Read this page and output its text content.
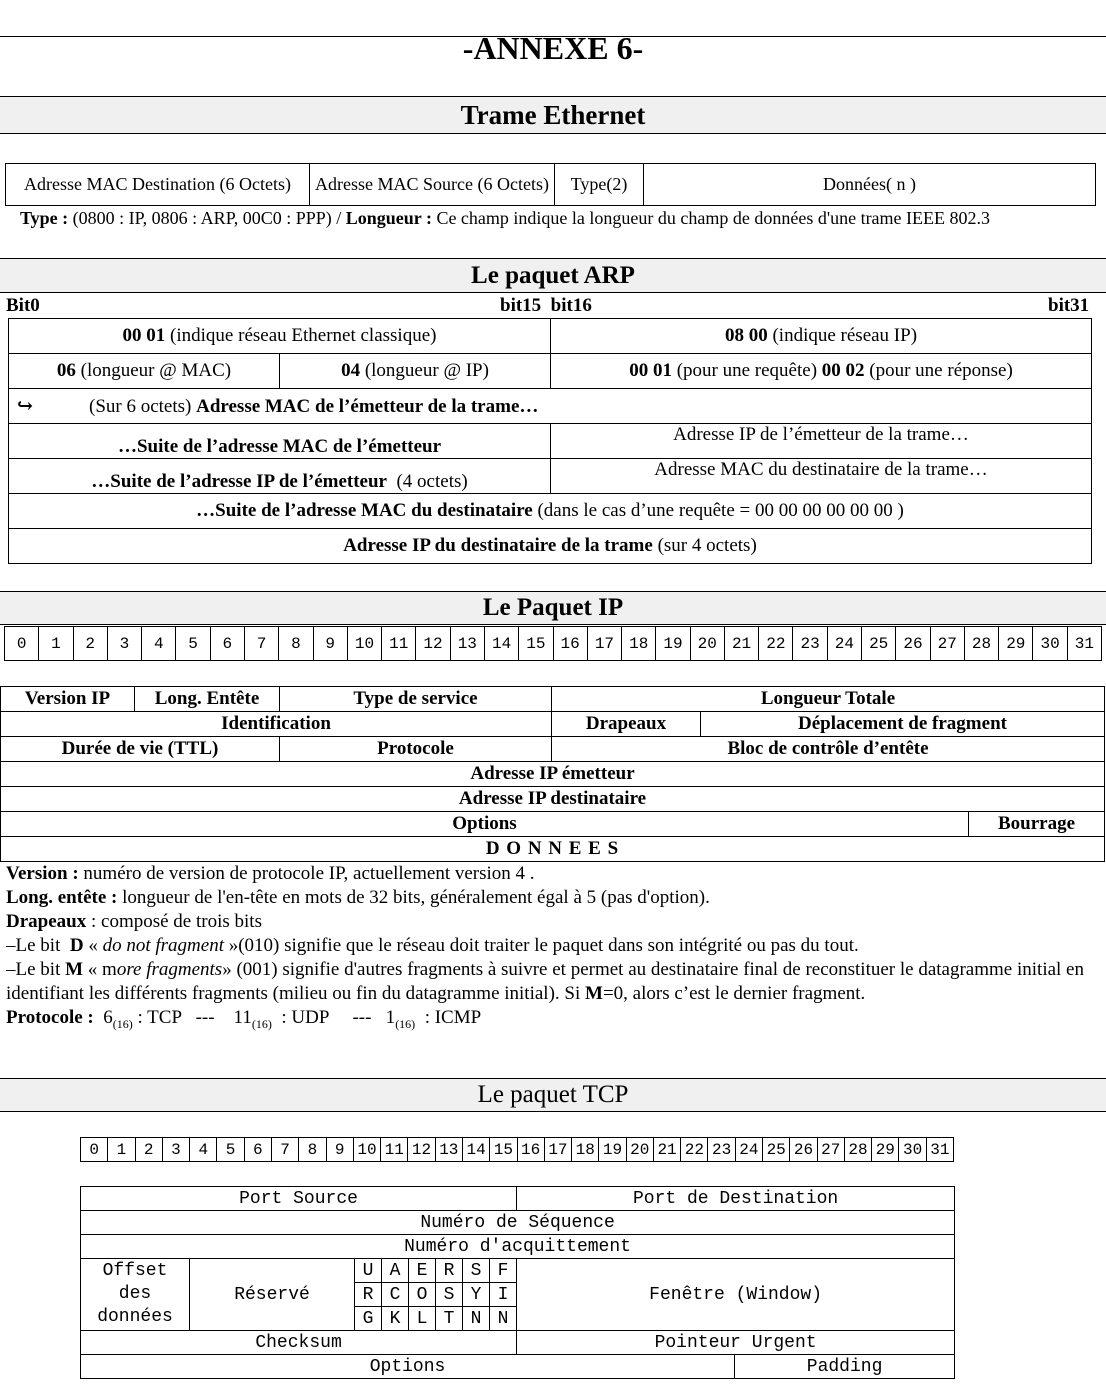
-ANNEXE 6-
Trame Ethernet
Adresse MAC Destination (6 Octets)	Adresse MAC Source (6 Octets)	Type(2)	Données( n )
Type : (0800 : IP, 0806 : ARP, 00C0 : PPP) / Longueur : Ce champ indique la longueur du champ de données d'une trame IEEE 802.3
Le paquet ARP
Bit0	bit15  bit16	bit31
00 01 (indique réseau Ethernet classique)		08 00 (indique réseau IP)
06 (longueur @ MAC)	04 (longueur @ IP)	00 01 (pour une requête) 00 02 (pour une réponse)
↪ (Sur 6 octets) Adresse MAC de l’émetteur de la trame…		
…Suite de l’adresse MAC de l’émetteur		Adresse IP de l’émetteur de la trame…
…Suite de l’adresse IP de l’émetteur  (4 octets)		Adresse MAC du destinataire de la trame…
…Suite de l’adresse MAC du destinataire (dans le cas d’une requête = 00 00 00 00 00 00 )		
Adresse IP du destinataire de la trame (sur 4 octets)		
Le Paquet IP
0	1	2	3	4	5	6	7	8	9	10	11	12	13	14	15	16	17	18	19	20	21	22	23	24	25	26	27	28	29	30	31
Version IP	Long. Entête	Type de service	Longueur Totale		
Identification			Drapeaux	Déplacement de fragment	
Durée de vie (TTL)		Protocole	Bloc de contrôle d’entête		
Adresse IP émetteur					
Adresse IP destinataire					
Options					Bourrage
D O N N E E S					

Version : numéro de version de protocole IP, actuellement version 4 .

Long. entête : longueur de l'en-tête en mots de 32 bits, généralement égal à 5 (pas d'option).

Drapeaux : composé de trois bits

–Le bit  D « do not fragment »(010) signifie que le réseau doit traiter le paquet dans son intégrité ou pas du tout.

–Le bit M « more fragments» (001) signifie d'autres fragments à suivre et permet au destinataire final de reconstituer le datagramme initial en identifiant les différents fragments (milieu ou fin du datagramme initial). Si M=0, alors c’est le dernier fragment.

Protocole :  $6_{(16)}$ : TCP   ---    $11_{(16)}$  : UDP     ---   $1_{(16)}$  : ICMP

Le paquet TCP
0	1	2	3	4	5	6	7	8	9	10	11	12	13	14	15	16	17	18	19	20	21	22	23	24	25	26	27	28	29	30	31
Port Source								Port de Destination	
Numéro de Séquence									
Numéro d'acquittement									
Offset des données	Réservé	U	A	E	R	S	F	Fenêtre (Window)	
		R	C	O	S	Y	I		
		G	K	L	T	N	N		
Checksum								Pointeur Urgent	
Options									Padding
